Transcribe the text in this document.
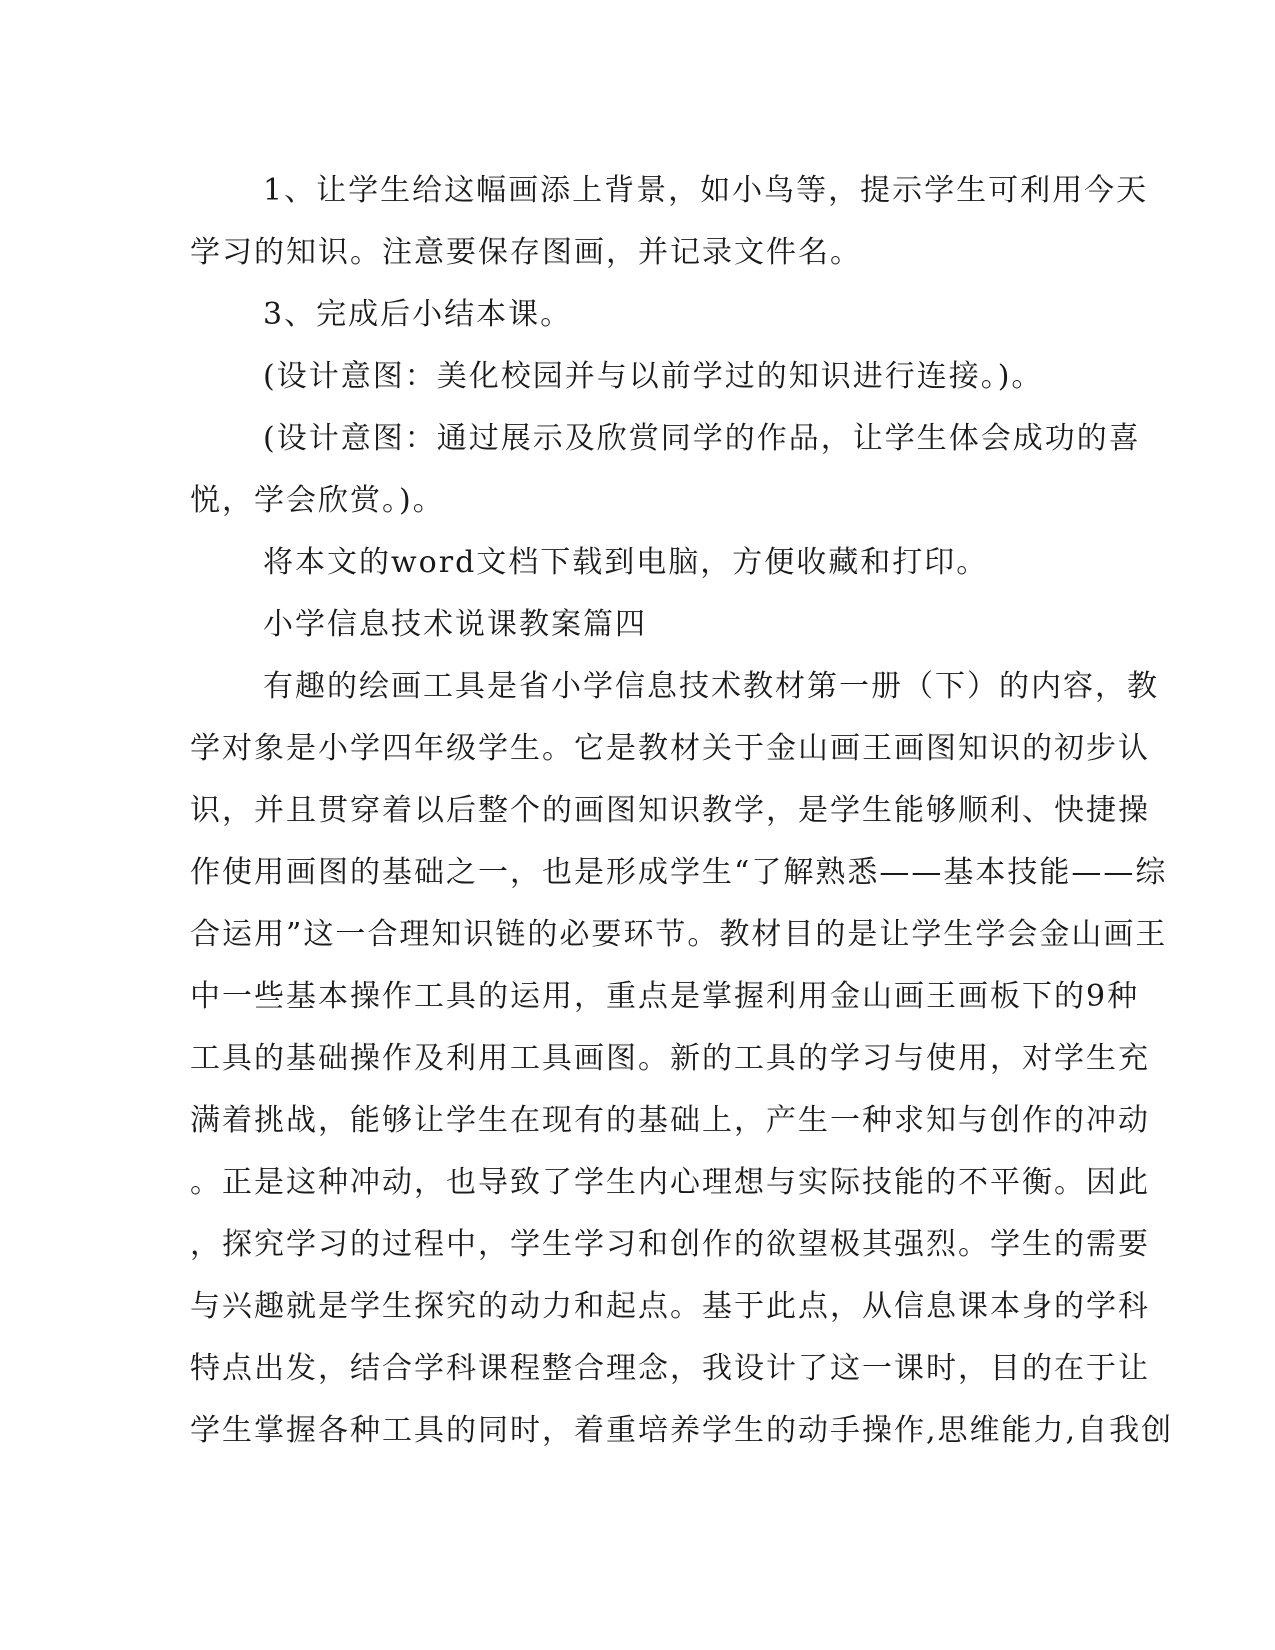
1、让学生给这幅画添上背景，如小鸟等，提示学生可利用今天

学习的知识。注意要保存图画，并记录文件名。

3、完成后小结本课。

(设计意图：美化校园并与以前学过的知识进行连接。)。

(设计意图：通过展示及欣赏同学的作品，让学生体会成功的喜

悦，学会欣赏。)。

将本文的word文档下载到电脑，方便收藏和打印。

小学信息技术说课教案篇四

有趣的绘画工具是省小学信息技术教材第一册（下）的内容，教

学对象是小学四年级学生。它是教材关于金山画王画图知识的初步认

识，并且贯穿着以后整个的画图知识教学，是学生能够顺利、快捷操

作使用画图的基础之一，也是形成学生“了解熟悉——基本技能——综

合运用”这一合理知识链的必要环节。教材目的是让学生学会金山画王

中一些基本操作工具的运用，重点是掌握利用金山画王画板下的9种

工具的基础操作及利用工具画图。新的工具的学习与使用，对学生充

满着挑战，能够让学生在现有的基础上，产生一种求知与创作的冲动

。正是这种冲动，也导致了学生内心理想与实际技能的不平衡。因此

，探究学习的过程中，学生学习和创作的欲望极其强烈。学生的需要

与兴趣就是学生探究的动力和起点。基于此点，从信息课本身的学科

特点出发，结合学科课程整合理念，我设计了这一课时，目的在于让

学生掌握各种工具的同时，着重培养学生的动手操作,思维能力,自我创
